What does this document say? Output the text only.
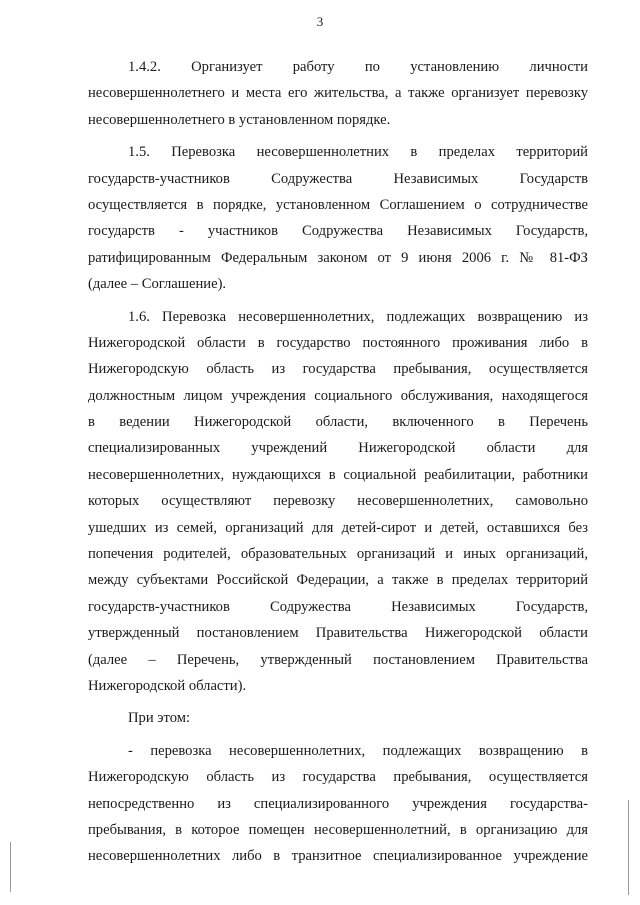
3
1.4.2. Организует работу по установлению личности
несовершеннолетнего и места его жительства, а также организует перевозку
несовершеннолетнего в установленном порядке.
1.5. Перевозка несовершеннолетних в пределах территорий
государств-участников Содружества Независимых Государств
осуществляется в порядке, установленном Соглашением о сотрудничестве
государств - участников Содружества Независимых Государств,
ратифицированным Федеральным законом от 9 июня 2006 г. № 81-ФЗ
(далее – Соглашение).
1.6. Перевозка несовершеннолетних, подлежащих возвращению из
Нижегородской области в государство постоянного проживания либо в
Нижегородскую область из государства пребывания, осуществляется
должностным лицом учреждения социального обслуживания, находящегося
в ведении Нижегородской области, включенного в Перечень
специализированных учреждений Нижегородской области для
несовершеннолетних, нуждающихся в социальной реабилитации, работники
которых осуществляют перевозку несовершеннолетних, самовольно
ушедших из семей, организаций для детей-сирот и детей, оставшихся без
попечения родителей, образовательных организаций и иных организаций,
между субъектами Российской Федерации, а также в пределах территорий
государств-участников Содружества Независимых Государств,
утвержденный постановлением Правительства Нижегородской области
(далее – Перечень, утвержденный постановлением Правительства
Нижегородской области).
При этом:
- перевозка несовершеннолетних, подлежащих возвращению в
Нижегородскую область из государства пребывания, осуществляется
непосредственно из специализированного учреждения государства-
пребывания, в которое помещен несовершеннолетний, в организацию для
несовершеннолетних либо в транзитное специализированное учреждение
